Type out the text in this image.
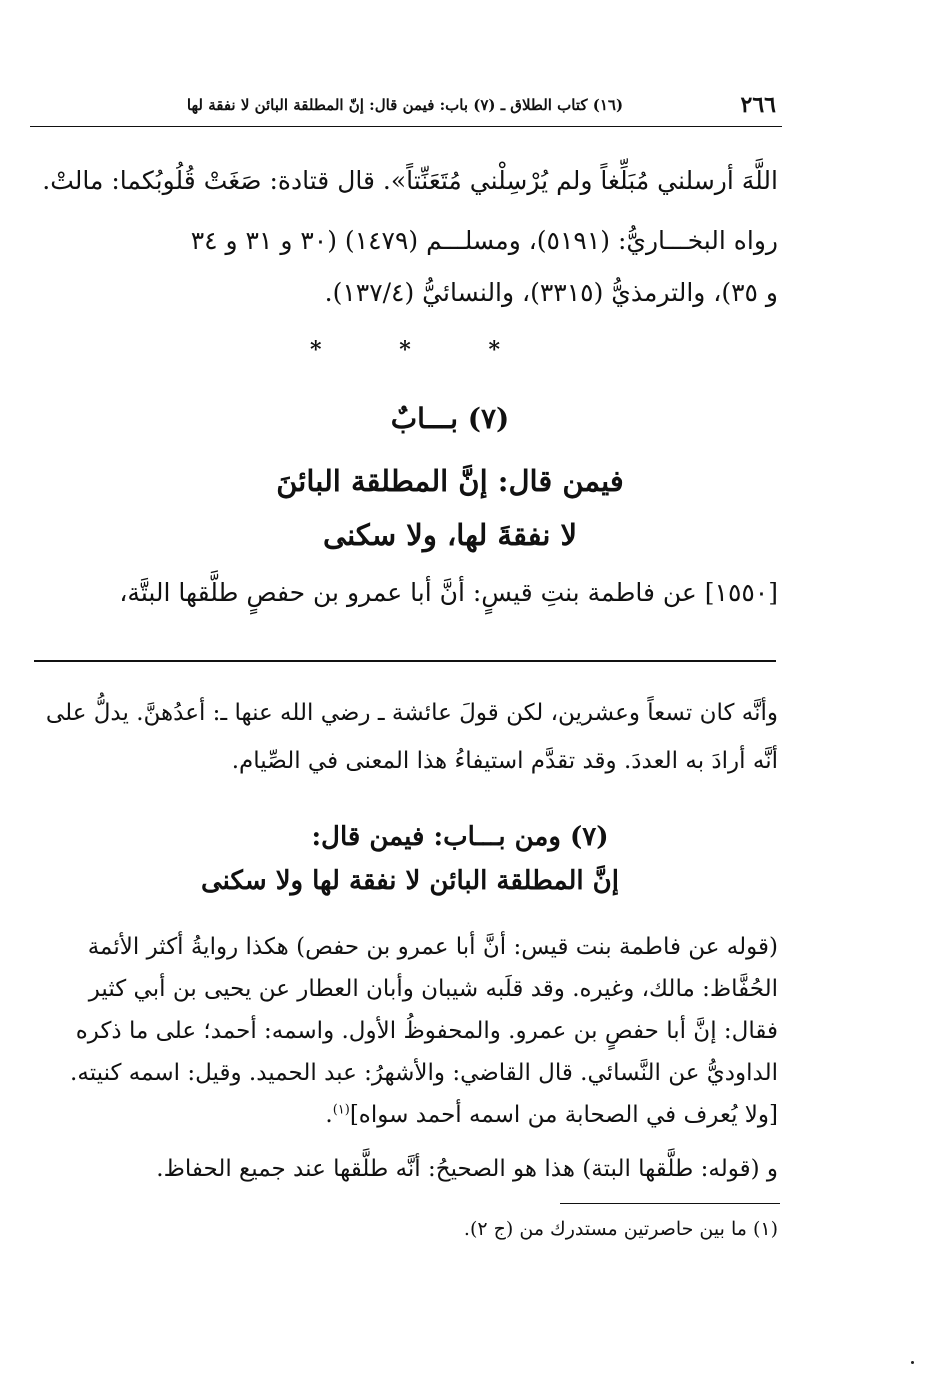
(١٦) كتاب الطلاق ـ (٧) باب: فيمن قال: إنّ المطلقة البائن لا نفقة لها	٢٦٦
اللَّهَ أرسلني مُبَلِّغاً ولم يُرْسِلْني مُتَعَنِّتاً». قال قتادة: صَغَتْ قُلُوبُكما: مالتْ.
رواه البخـــاريُّ: (٥١٩١)، ومسلـــم (١٤٧٩) (٣٠ و ٣١ و ٣٤
و ٣٥)، والترمذيُّ (٣٣١٥)، والنسائيُّ (١٣٧/٤).
*	*	*
(٧) بـــابٌ
فيمن قال: إنَّ المطلقة البائنَ
لا نفقةَ لها، ولا سكنى
[١٥٥٠] عن فاطمة بنتِ قيسٍ: أنَّ أبا عمرو بن حفصٍ طلَّقها البتَّة،
وأنَّه كان تسعاً وعشرين، لكن قولَ عائشة ـ رضي الله عنها ـ: أعدُهنَّ. يدلُّ على
أنَّه أرادَ به العددَ. وقد تقدَّم استيفاءُ هذا المعنى في الصِّيام.
(٧) ومن بـــاب: فيمن قال:
إنَّ المطلقة البائن لا نفقة لها ولا سكنى
(قوله عن فاطمة بنت قيس: أنَّ أبا عمرو بن حفص) هكذا روايةُ أكثر الأئمة
الحُفَّاظ: مالك، وغيره. وقد قلَبه شيبان وأبان العطار عن يحيى بن أبي كثير
فقال: إنَّ أبا حفصٍ بن عمرو. والمحفوظُ الأول. واسمه: أحمد؛ على ما ذكره
الداوديُّ عن النَّسائي. قال القاضي: والأشهرُ: عبد الحميد. وقيل: اسمه كنيته.
[ولا يُعرف في الصحابة من اسمه أحمد سواه]$^{(١)}$.
و (قوله: طلَّقها البتة) هذا هو الصحيحُ: أنَّه طلَّقها عند جميع الحفاظ.
(١) ما بين حاصرتين مستدرك من (ج ٢).
